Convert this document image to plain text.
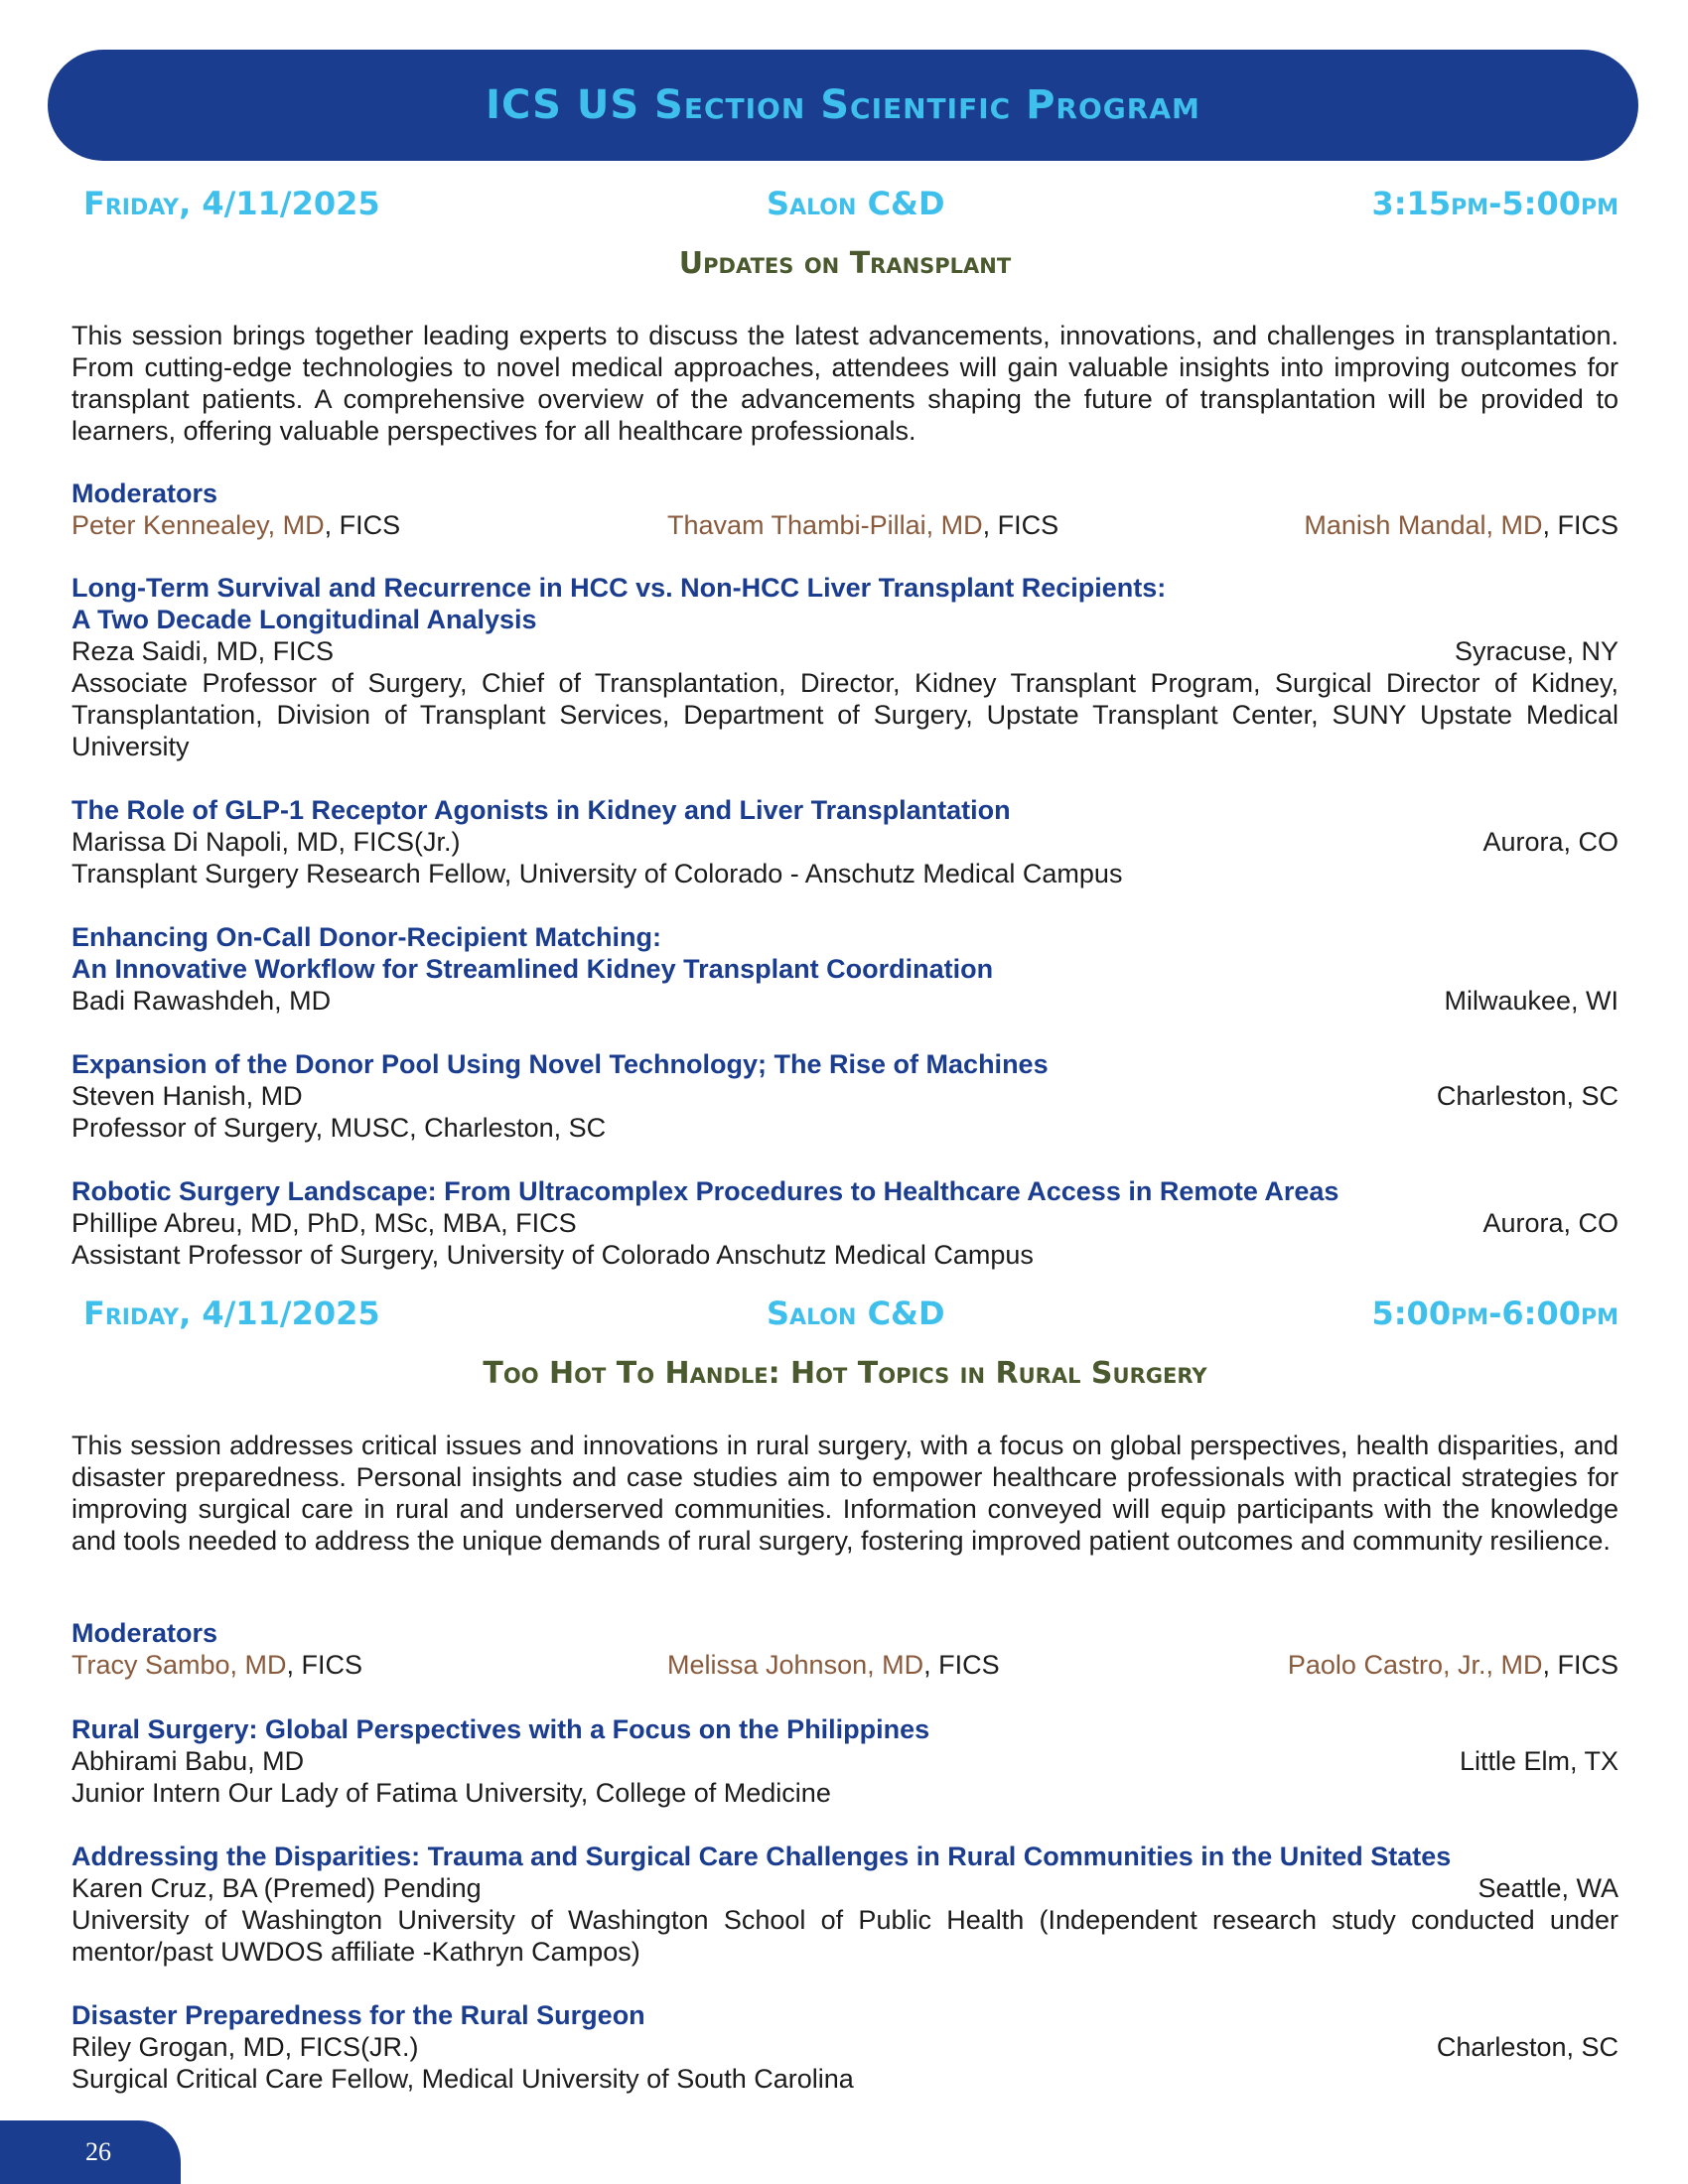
ICS US Section Scientific Program
Friday, 4/11/2025	Salon C&D	3:15pm-5:00pm
Updates on Transplant
This session brings together leading experts to discuss the latest advancements, innovations, and challenges in transplantation. From cutting-edge technologies to novel medical approaches, attendees will gain valuable insights into improving outcomes for transplant patients. A comprehensive overview of the advancements shaping the future of transplantation will be provided to learners, offering valuable perspectives for all healthcare professionals.
Moderators
Peter Kennealey, MD, FICS	Thavam Thambi-Pillai, MD, FICS	Manish Mandal, MD, FICS
Long-Term Survival and Recurrence in HCC vs. Non-HCC Liver Transplant Recipients:
A Two Decade Longitudinal Analysis
Reza Saidi, MD, FICS	Syracuse, NY
Associate Professor of Surgery, Chief of Transplantation, Director, Kidney Transplant Program, Surgical Director of Kidney, Transplantation, Division of Transplant Services, Department of Surgery, Upstate Transplant Center, SUNY Upstate Medical University
The Role of GLP-1 Receptor Agonists in Kidney and Liver Transplantation
Marissa Di Napoli, MD, FICS(Jr.)	Aurora, CO
Transplant Surgery Research Fellow, University of Colorado - Anschutz Medical Campus
Enhancing On-Call Donor-Recipient Matching:
An Innovative Workflow for Streamlined Kidney Transplant Coordination
Badi Rawashdeh, MD	Milwaukee, WI
Expansion of the Donor Pool Using Novel Technology; The Rise of Machines
Steven Hanish, MD	Charleston, SC
Professor of Surgery, MUSC, Charleston, SC
Robotic Surgery Landscape: From Ultracomplex Procedures to Healthcare Access in Remote Areas
Phillipe Abreu, MD, PhD, MSc, MBA, FICS	Aurora, CO
Assistant Professor of Surgery, University of Colorado Anschutz Medical Campus
Friday, 4/11/2025	Salon C&D	5:00pm-6:00pm
Too Hot To Handle: Hot Topics in Rural Surgery
This session addresses critical issues and innovations in rural surgery, with a focus on global perspectives, health disparities, and disaster preparedness. Personal insights and case studies aim to empower healthcare professionals with practical strategies for improving surgical care in rural and underserved communities. Information conveyed will equip participants with the knowledge and tools needed to address the unique demands of rural surgery, fostering improved patient outcomes and community resilience.
Moderators
Tracy Sambo, MD, FICS	Melissa Johnson, MD, FICS	Paolo Castro, Jr., MD, FICS
Rural Surgery: Global Perspectives with a Focus on the Philippines
Abhirami Babu, MD	Little Elm, TX
Junior Intern Our Lady of Fatima University, College of Medicine
Addressing the Disparities: Trauma and Surgical Care Challenges in Rural Communities in the United States
Karen Cruz, BA (Premed) Pending	Seattle, WA
University of Washington University of Washington School of Public Health (Independent research study conducted under mentor/past UWDOS affiliate -Kathryn Campos)
Disaster Preparedness for the Rural Surgeon
Riley Grogan, MD, FICS(JR.)	Charleston, SC
Surgical Critical Care Fellow, Medical University of South Carolina
26
